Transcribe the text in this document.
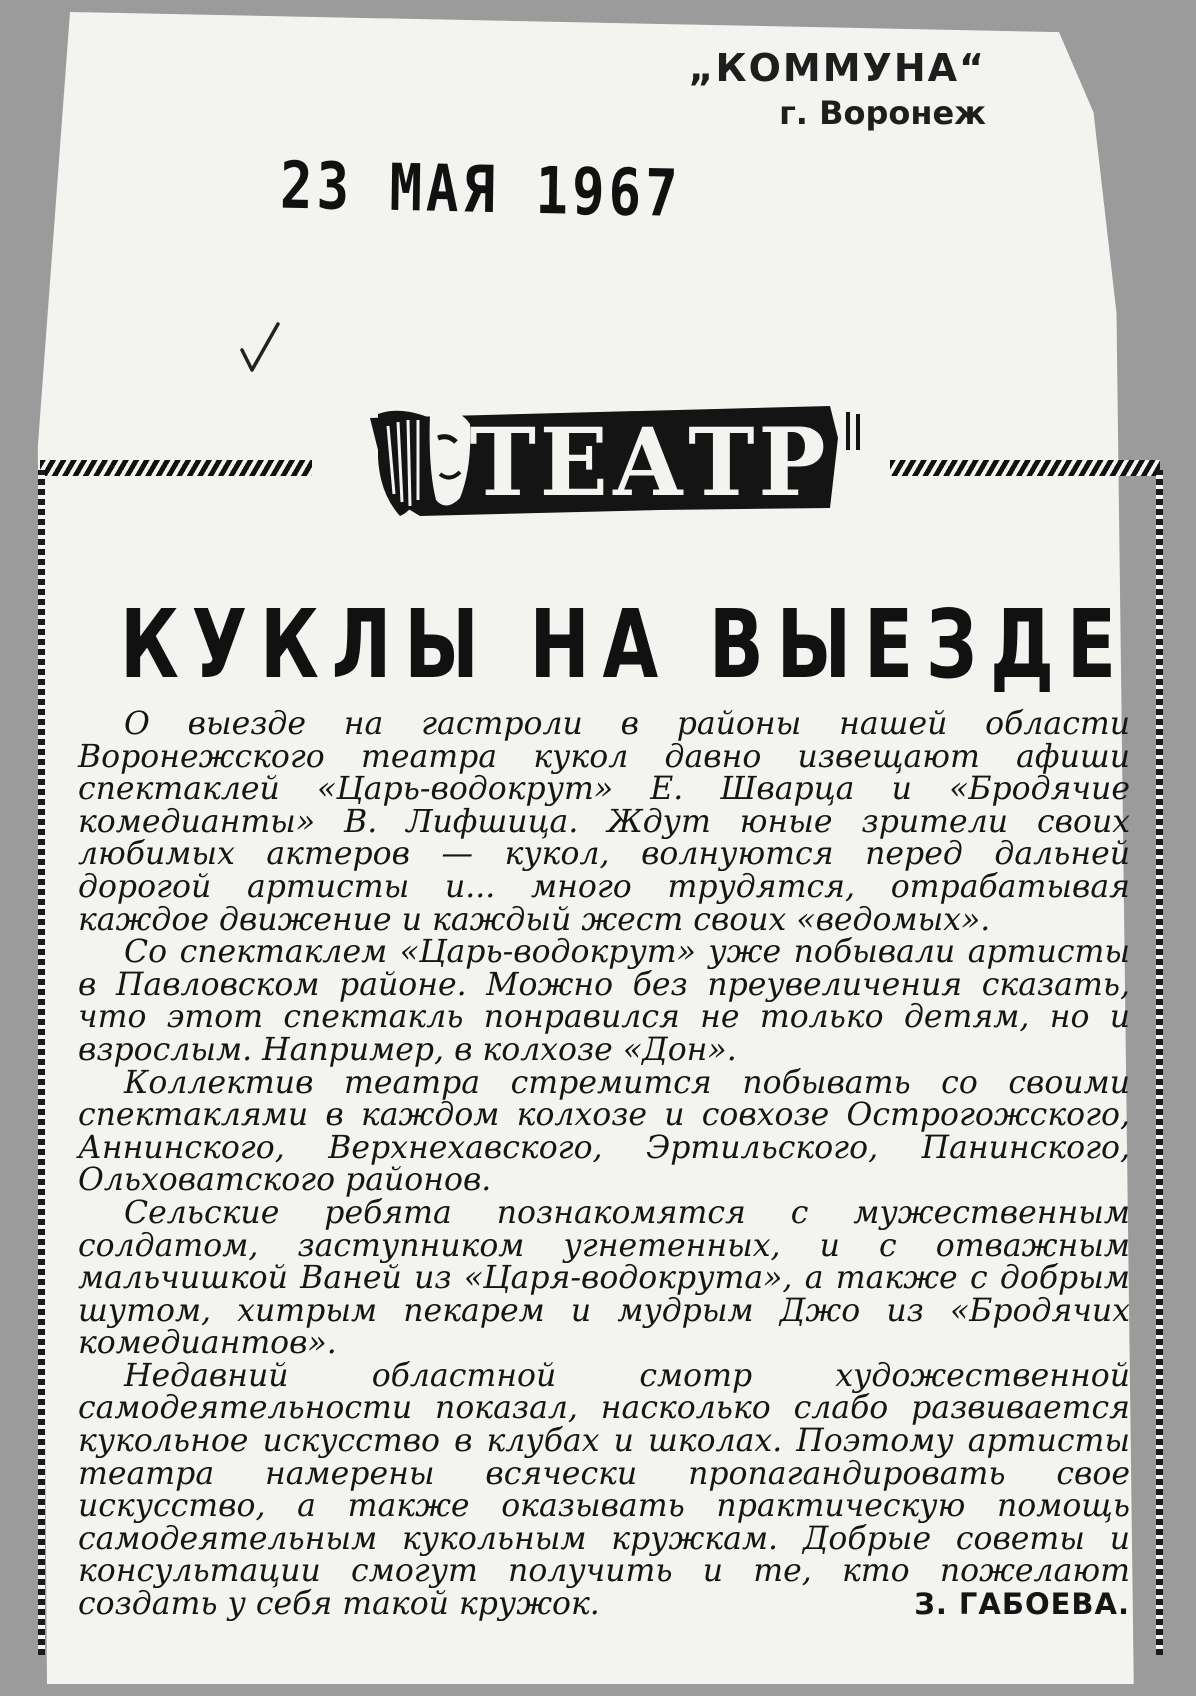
„КОММУНА“
г. Воронеж
23 МАЯ 1967
ТЕАТР
КУКЛЫ НА ВЫЕЗДЕ

О выезде на гастроли в районы нашей области Воронежского театра кукол давно извещают афиши спектаклей «Царь-водокрут» Е. Шварца и «Бродячие комедианты» В. Лифшица. Ждут юные зрители своих любимых актеров — кукол, волнуются перед дальней дорогой артисты и... много трудятся, отрабатывая каждое движение и каждый жест своих «ведомых».

Со спектаклем «Царь-водокрут» уже побывали артисты в Павловском районе. Можно без преувеличения сказать, что этот спектакль понравился не только детям, но и взрослым. Например, в колхозе «Дон».

Коллектив театра стремится побывать со своими спектаклями в каждом колхозе и совхозе Острогожского, Аннинского, Верхнехавского, Эртильского, Панинского, Ольховатского районов.

Сельские ребята познакомятся с мужественным солдатом, заступником угнетенных, и с отважным мальчишкой Ваней из «Царя-водокрута», а также с добрым шутом, хитрым пекарем и мудрым Джо из «Бродячих комедиантов».

Недавний областной смотр художественной самодеятельности показал, насколько слабо развивается кукольное искусство в клубах и школах. Поэтому артисты театра намерены всячески пропагандировать свое искусство, а также оказывать практическую помощь самодеятельным кукольным кружкам. Добрые советы и консультации смогут получить и те, кто пожелают создать у себя такой кружок.	З. ГАБОЕВА.
